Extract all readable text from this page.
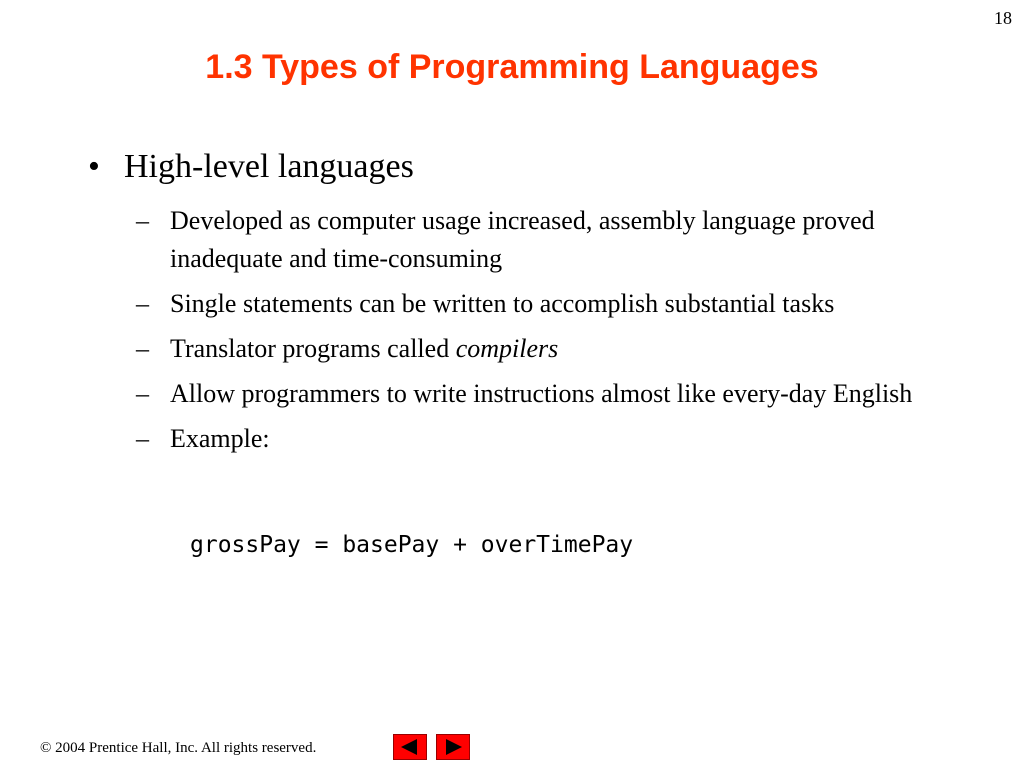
18
1.3 Types of Programming Languages
• High-level languages
– Developed as computer usage increased, assembly language proved inadequate and time-consuming
– Single statements can be written to accomplish substantial tasks
– Translator programs called compilers
– Allow programmers to write instructions almost like every-day English
– Example:
grossPay = basePay + overTimePay
© 2004 Prentice Hall, Inc. All rights reserved.
